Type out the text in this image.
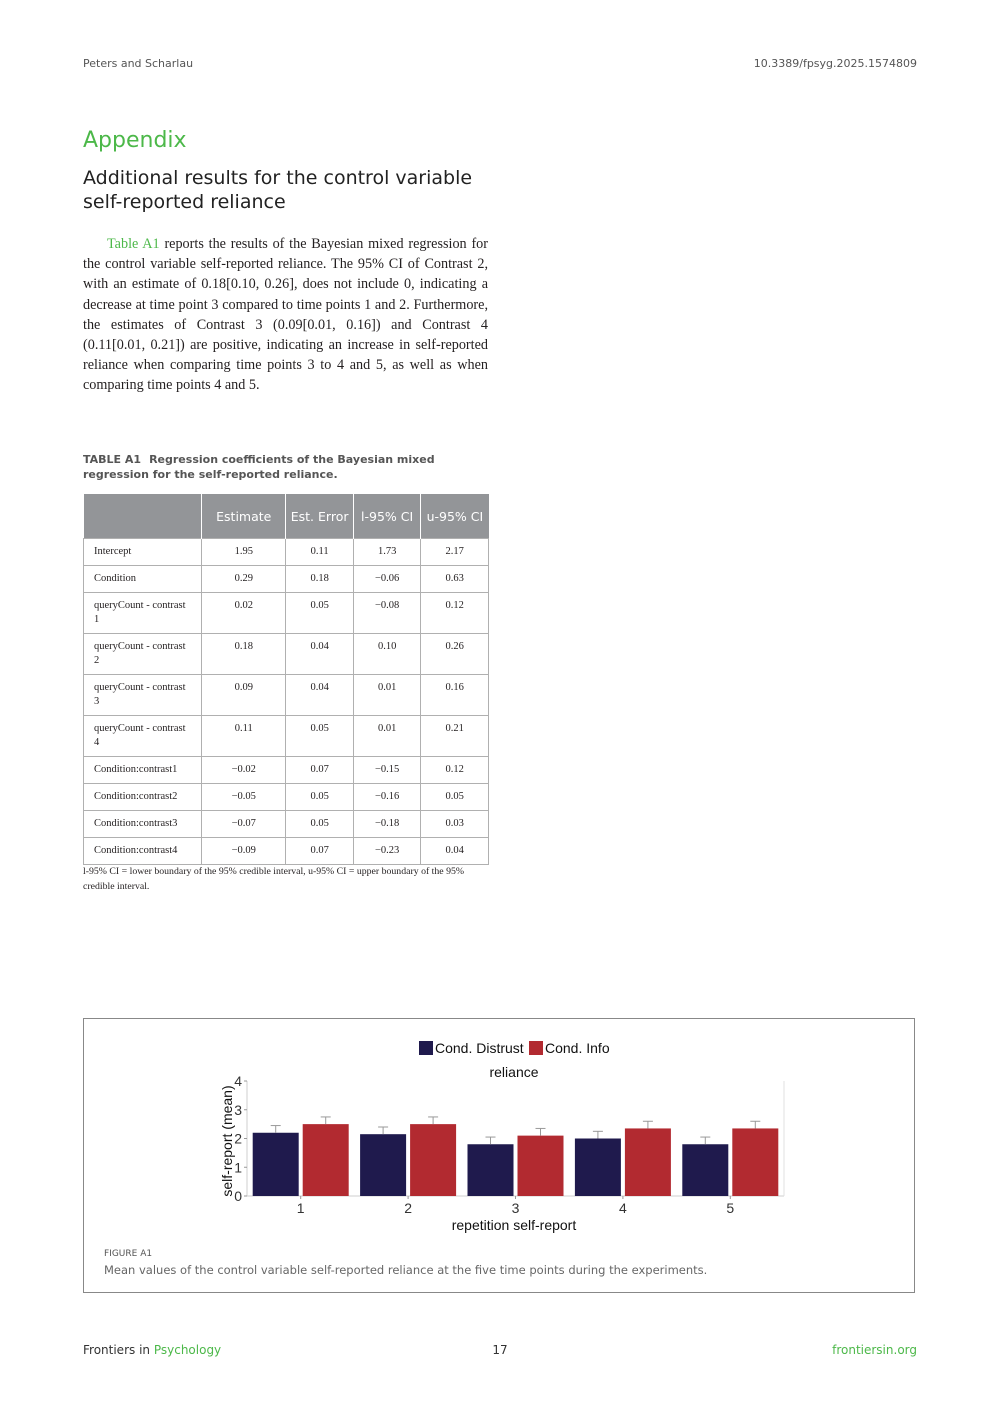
Peters and Scharlau	10.3389/fpsyg.2025.1574809
Appendix
Additional results for the control variable self-reported reliance

Table A1 reports the results of the Bayesian mixed regression for the control variable self-reported reliance. The 95% CI of Contrast 2, with an estimate of 0.18[0.10, 0.26], does not include 0, indicating a decrease at time point 3 compared to time points 1 and 2. Furthermore, the estimates of Contrast 3 (0.09[0.01, 0.16]) and Contrast 4 (0.11[0.01, 0.21]) are positive, indicating an increase in self-reported reliance when comparing time points 3 to 4 and 5, as well as when comparing time points 4 and 5.

TABLE A1 Regression coefficients of the Bayesian mixed regression for the self-reported reliance.
	Estimate	Est. Error	l-95% CI	u-95% CI
Intercept	1.95	0.11	1.73	2.17
Condition	0.29	0.18	−0.06	0.63
queryCount - contrast 1	0.02	0.05	−0.08	0.12
queryCount - contrast 2	0.18	0.04	0.10	0.26
queryCount - contrast 3	0.09	0.04	0.01	0.16
queryCount - contrast 4	0.11	0.05	0.01	0.21
Condition:contrast1	−0.02	0.07	−0.15	0.12
Condition:contrast2	−0.05	0.05	−0.16	0.05
Condition:contrast3	−0.07	0.05	−0.18	0.03
Condition:contrast4	−0.09	0.07	−0.23	0.04
l-95% CI = lower boundary of the 95% credible interval, u-95% CI = upper boundary of the 95% credible interval.
Cond. Distrust Cond. Info
reliance
self-report (mean)
repetition self-report
0
1
2
3
4
1	2	3	4	5
FIGURE A1
Mean values of the control variable self-reported reliance at the five time points during the experiments.
Frontiers in Psychology	17	frontiersin.org
